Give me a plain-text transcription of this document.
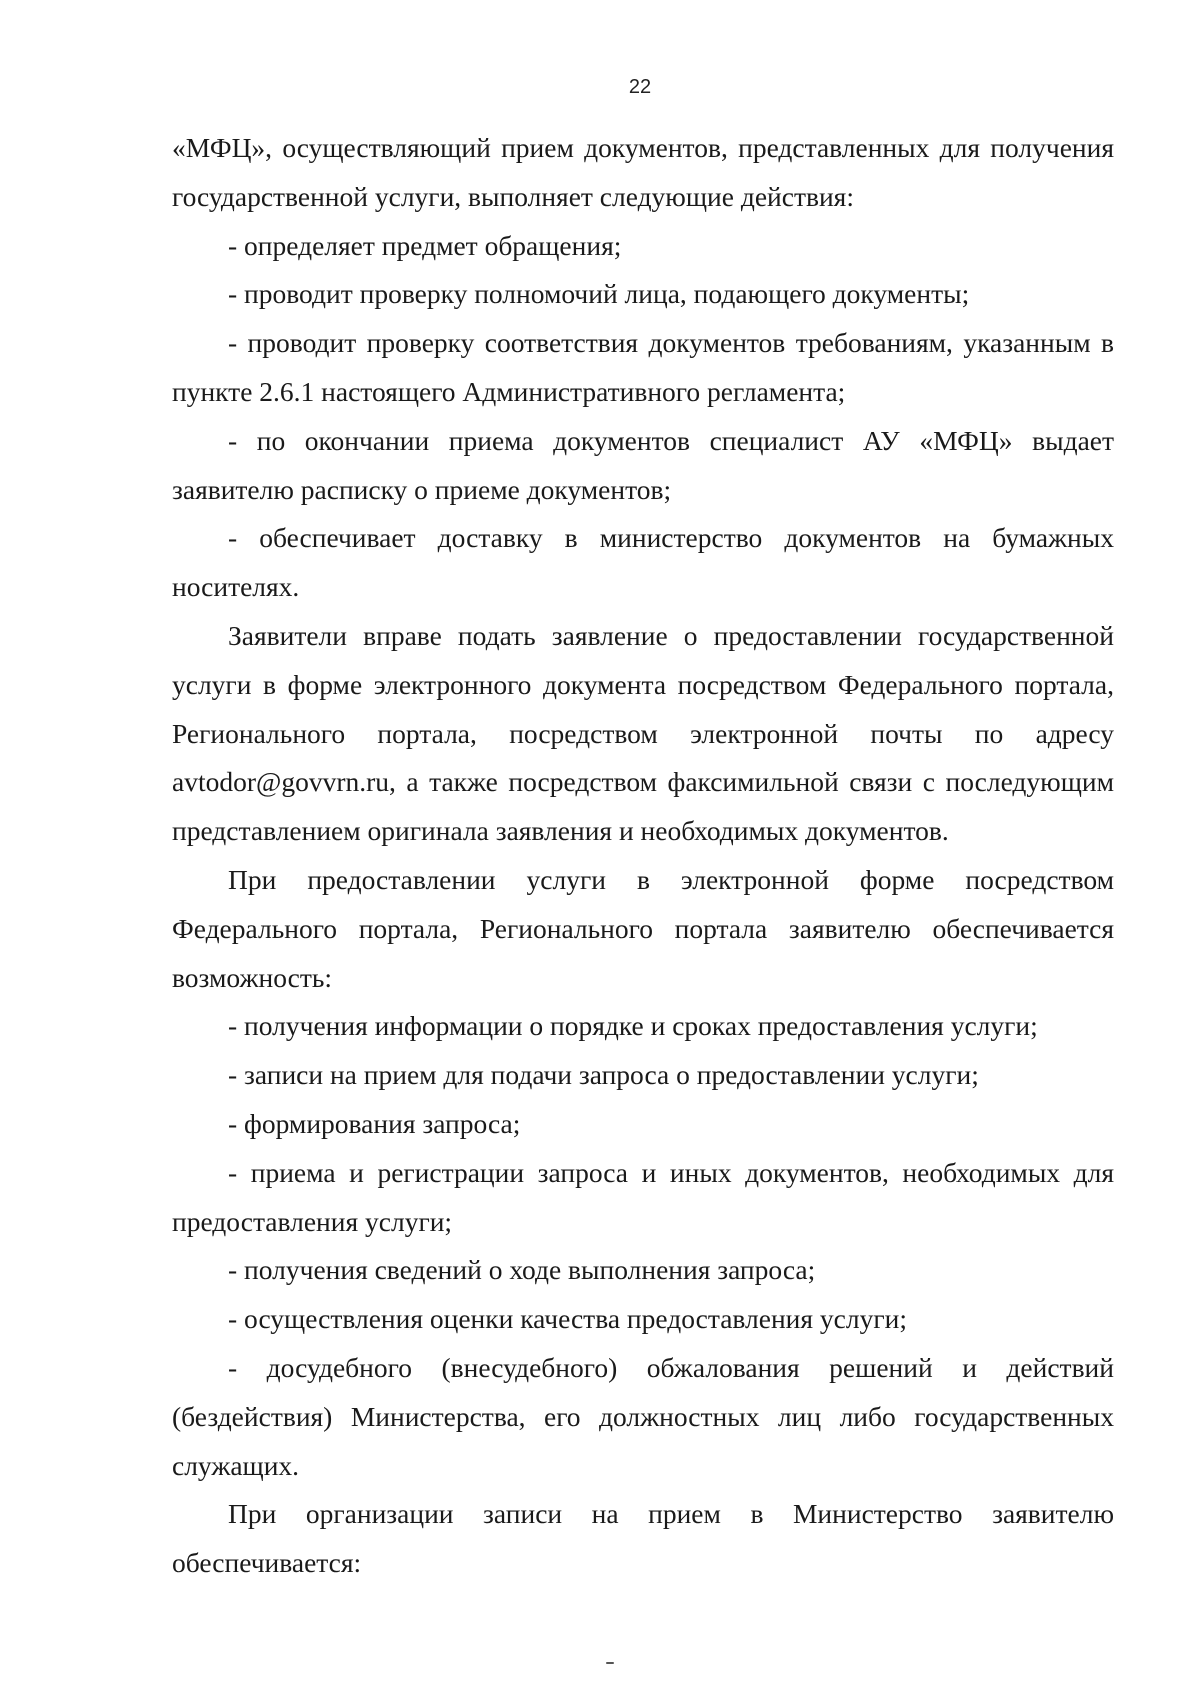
22

«МФЦ», осуществляющий прием документов, представленных для получения государственной услуги, выполняет следующие действия:

- определяет предмет обращения;

- проводит проверку полномочий лица, подающего документы;

- проводит проверку соответствия документов требованиям, указанным в пункте 2.6.1 настоящего Административного регламента;

- по окончании приема документов специалист АУ «МФЦ» выдает заявителю расписку о приеме документов;

- обеспечивает доставку в министерство документов на бумажных носителях.

Заявители вправе подать заявление о предоставлении государственной услуги в форме электронного документа посредством Федерального портала, Регионального портала, посредством электронной почты по адресу avtodor@govvrn.ru, а также посредством факсимильной связи с последующим представлением оригинала заявления и необходимых документов.

При предоставлении услуги в электронной форме посредством Федерального портала, Регионального портала заявителю обеспечивается возможность:

- получения информации о порядке и сроках предоставления услуги;

- записи на прием для подачи запроса о предоставлении услуги;

- формирования запроса;

- приема и регистрации запроса и иных документов, необходимых для предоставления услуги;

- получения сведений о ходе выполнения запроса;

- осуществления оценки качества предоставления услуги;

- досудебного (внесудебного) обжалования решений и действий (бездействия) Министерства, его должностных лиц либо государственных служащих.

При организации записи на прием в Министерство заявителю обеспечивается:
